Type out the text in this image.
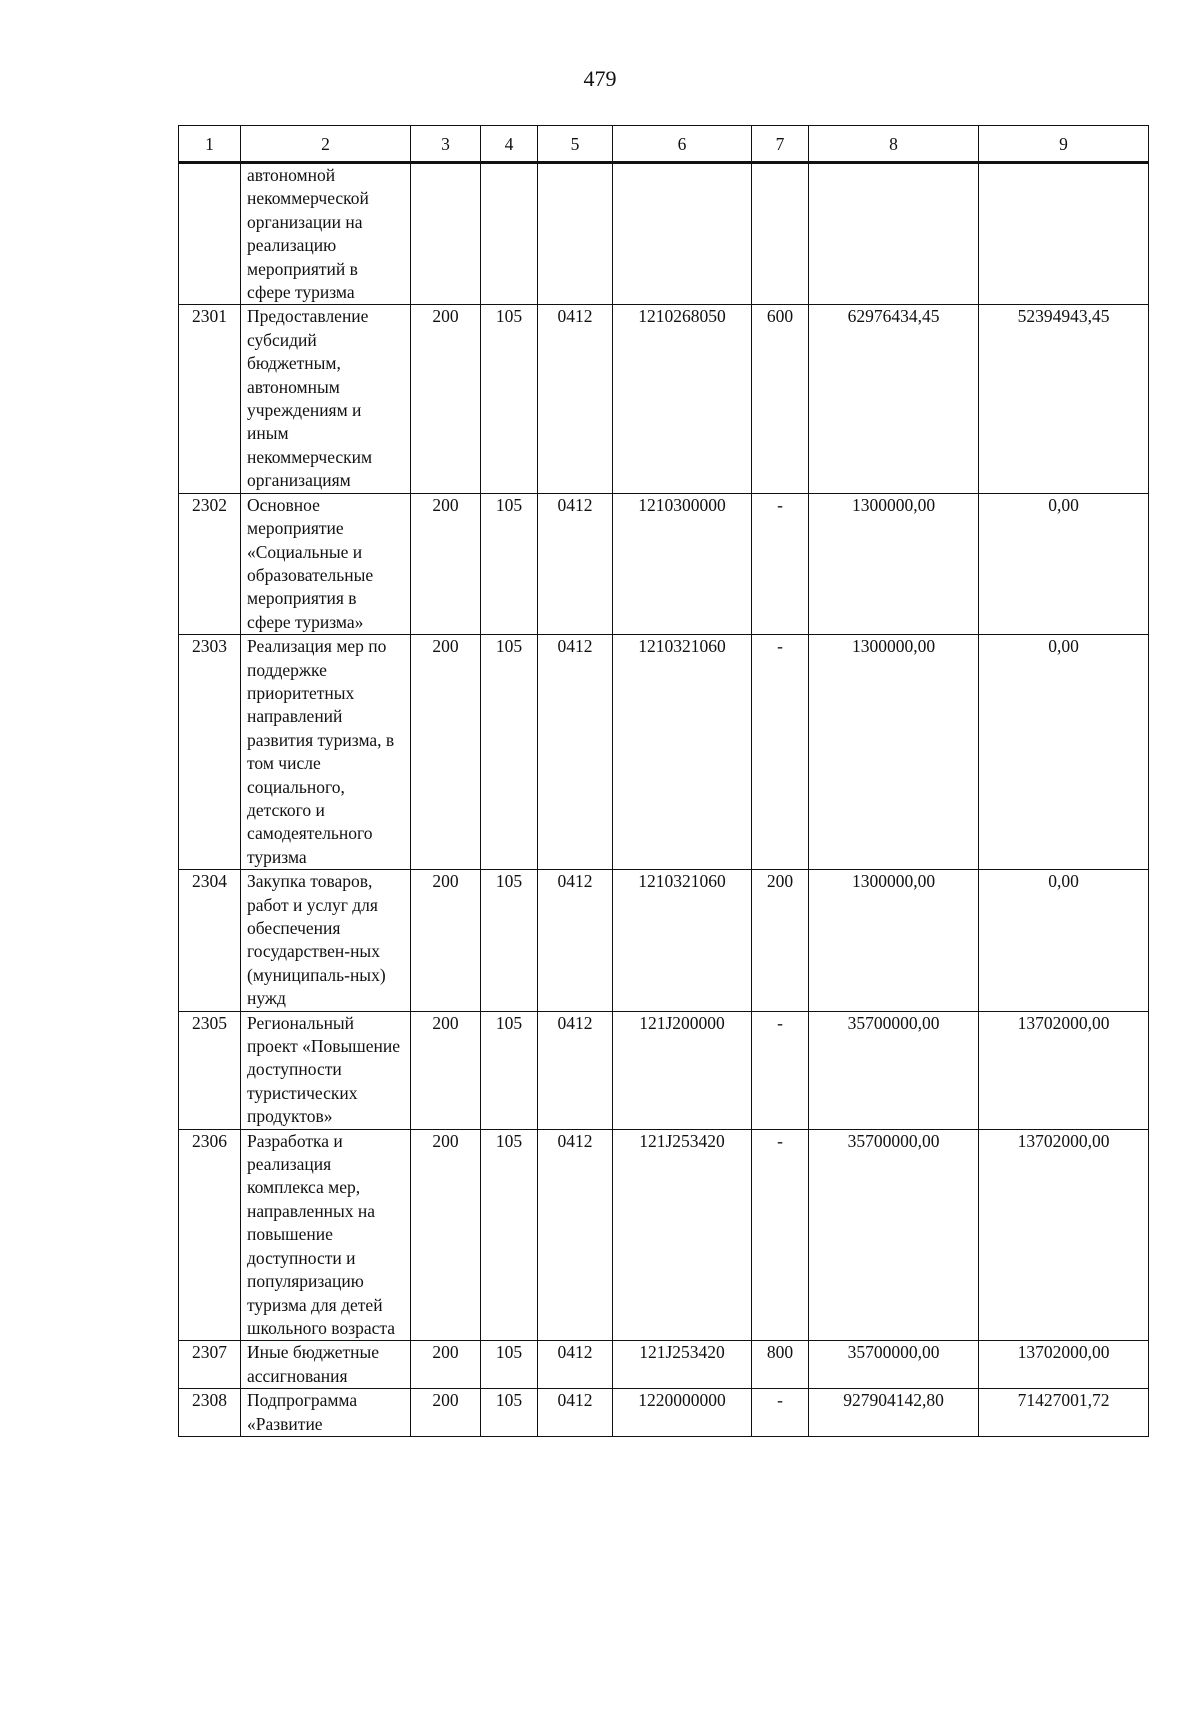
479
1	2	3	4	5	6	7	8	9
	автономной некоммерческой организации на реализацию мероприятий в сфере туризма							
2301	Предоставление субсидий бюджетным, автономным учреждениям и иным некоммерческим организациям	200	105	0412	1210268050	600	62976434,45	52394943,45
2302	Основное мероприятие «Социальные и образовательные мероприятия в сфере туризма»	200	105	0412	1210300000	-	1300000,00	0,00
2303	Реализация мер по поддержке приоритетных направлений развития туризма, в том числе социального, детского и самодеятельного туризма	200	105	0412	1210321060	-	1300000,00	0,00
2304	Закупка товаров, работ и услуг для обеспечения государствен-ных (муниципаль-ных) нужд	200	105	0412	1210321060	200	1300000,00	0,00
2305	Региональный проект «Повышение доступности туристических продуктов»	200	105	0412	121J200000	-	35700000,00	13702000,00
2306	Разработка и реализация комплекса мер, направленных на повышение доступности и популяризацию туризма для детей школьного возраста	200	105	0412	121J253420	-	35700000,00	13702000,00
2307	Иные бюджетные ассигнования	200	105	0412	121J253420	800	35700000,00	13702000,00
2308	Подпрограмма «Развитие	200	105	0412	1220000000	-	927904142,80	71427001,72
